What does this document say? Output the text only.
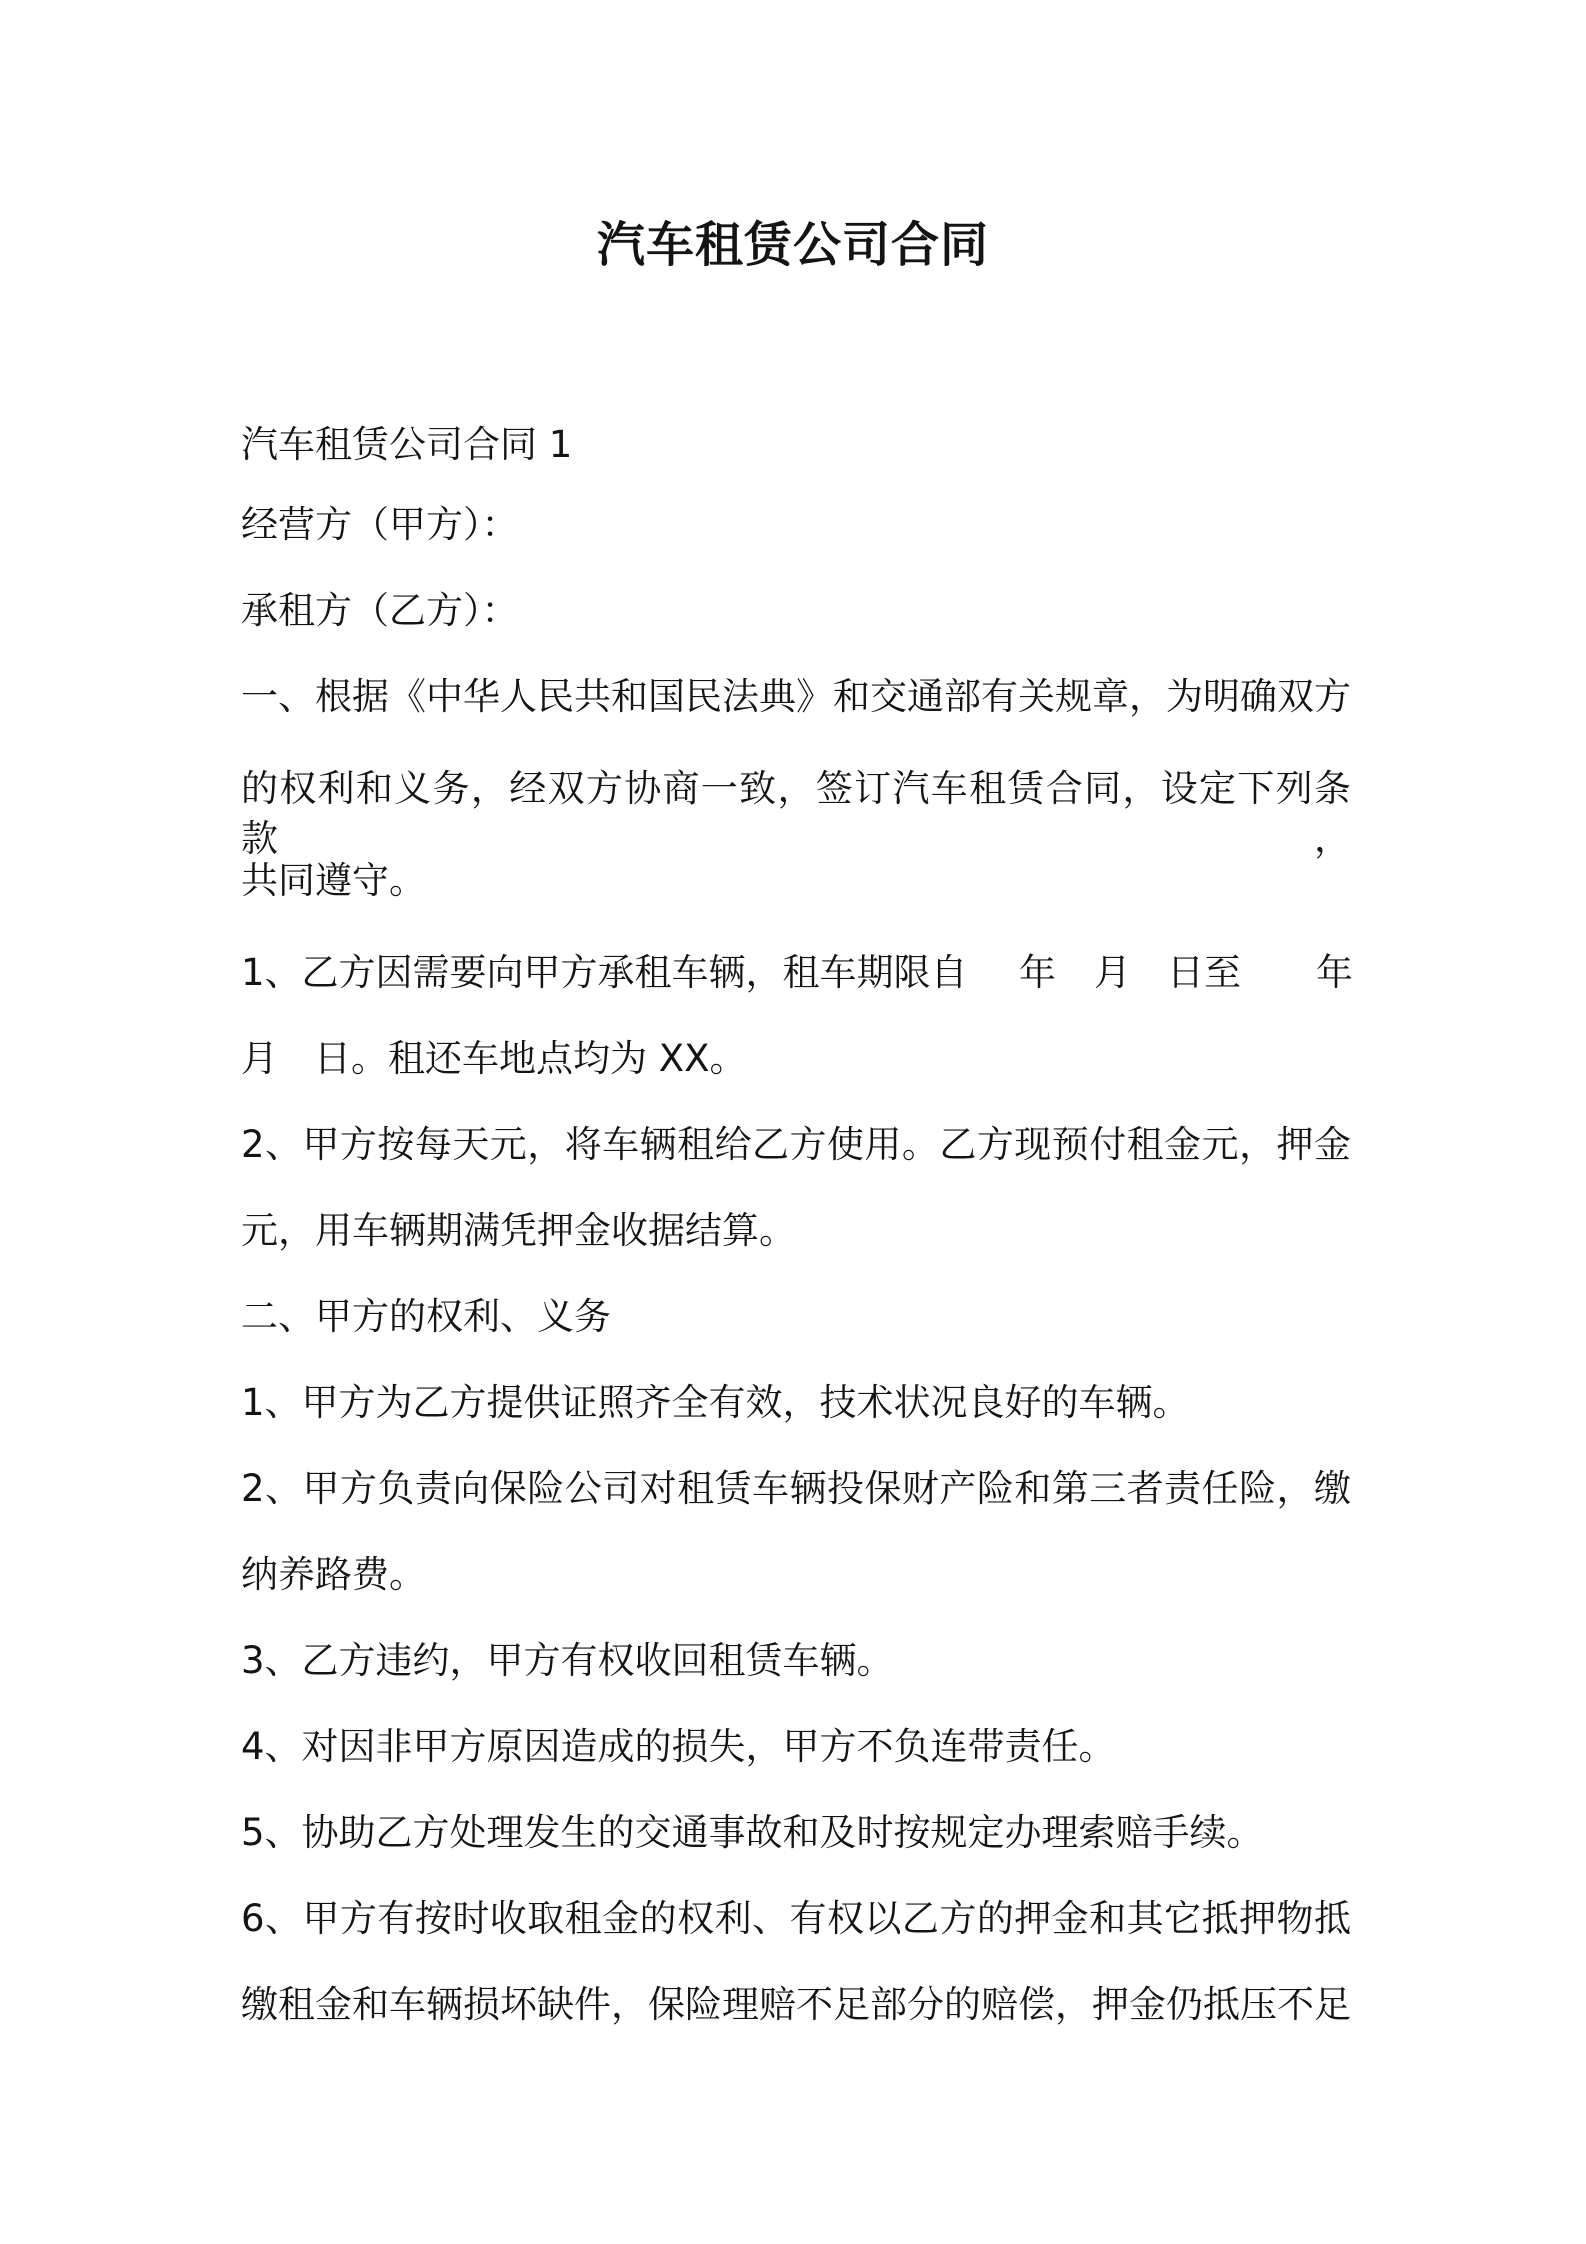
汽车租赁公司合同

汽车租赁公司合同 1

经营方（甲方）：

承租方（乙方）：

一、根据《中华人民共和国民法典》和交通部有关规章，为明确双方

的权利和义务，经双方协商一致，签订汽车租赁合同，设定下列条款，

共同遵守。

1、乙方因需要向甲方承租车辆，租车期限自 年 月 日至 年
月 日。租还车地点均为 XX。

2、甲方按每天元，将车辆租给乙方使用。乙方现预付租金元，押金

元，用车辆期满凭押金收据结算。

二、甲方的权利、义务

1、甲方为乙方提供证照齐全有效，技术状况良好的车辆。

2、甲方负责向保险公司对租赁车辆投保财产险和第三者责任险，缴

纳养路费。

3、乙方违约，甲方有权收回租赁车辆。

4、对因非甲方原因造成的损失，甲方不负连带责任。

5、协助乙方处理发生的交通事故和及时按规定办理索赔手续。

6、甲方有按时收取租金的权利、有权以乙方的押金和其它抵押物抵

缴租金和车辆损坏缺件，保险理赔不足部分的赔偿，押金仍抵压不足
